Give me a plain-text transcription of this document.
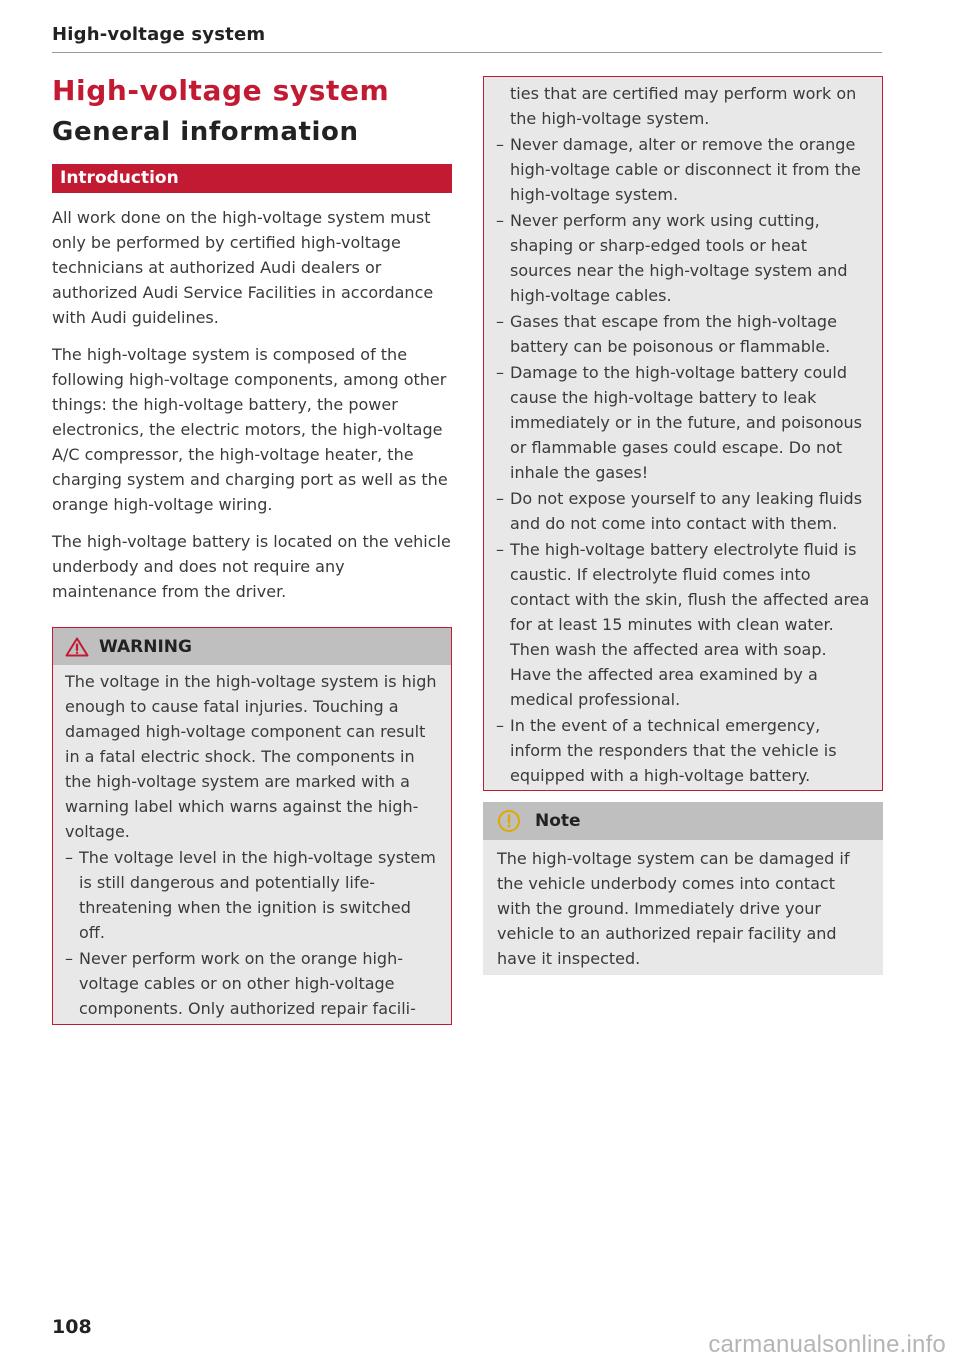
High-voltage system
High-voltage system
General information
Introduction

All work done on the high-voltage system must only be performed by certified high-voltage technicians at authorized Audi dealers or authorized Audi Service Facilities in accordance with Audi guidelines.

The high-voltage system is composed of the following high-voltage components, among other things: the high-voltage battery, the power electronics, the electric motors, the high-voltage A/C compressor, the high-voltage heater, the charging system and charging port as well as the orange high-voltage wiring.

The high-voltage battery is located on the vehicle underbody and does not require any maintenance from the driver.

WARNING

The voltage in the high-voltage system is high enough to cause fatal injuries. Touching a damaged high-voltage component can result in a fatal electric shock. The components in the high-voltage system are marked with a warning label which warns against the high-voltage.

– The voltage level in the high-voltage system is still dangerous and potentially life-threatening when the ignition is switched off.
– Never perform work on the orange high-voltage cables or on other high-voltage components. Only authorized repair facili-

ties that are certified may perform work on the high-voltage system.

– Never damage, alter or remove the orange high-voltage cable or disconnect it from the high-voltage system.
– Never perform any work using cutting, shaping or sharp-edged tools or heat sources near the high-voltage system and high-voltage cables.
– Gases that escape from the high-voltage battery can be poisonous or flammable.
– Damage to the high-voltage battery could cause the high-voltage battery to leak immediately or in the future, and poisonous or flammable gases could escape. Do not inhale the gases!
– Do not expose yourself to any leaking fluids and do not come into contact with them.
– The high-voltage battery electrolyte fluid is caustic. If electrolyte fluid comes into contact with the skin, flush the affected area for at least 15 minutes with clean water. Then wash the affected area with soap. Have the affected area examined by a medical professional.
– In the event of a technical emergency, inform the responders that the vehicle is equipped with a high-voltage battery.
Note

The high-voltage system can be damaged if the vehicle underbody comes into contact with the ground. Immediately drive your vehicle to an authorized repair facility and have it inspected.

108
carmanualsonline.info
